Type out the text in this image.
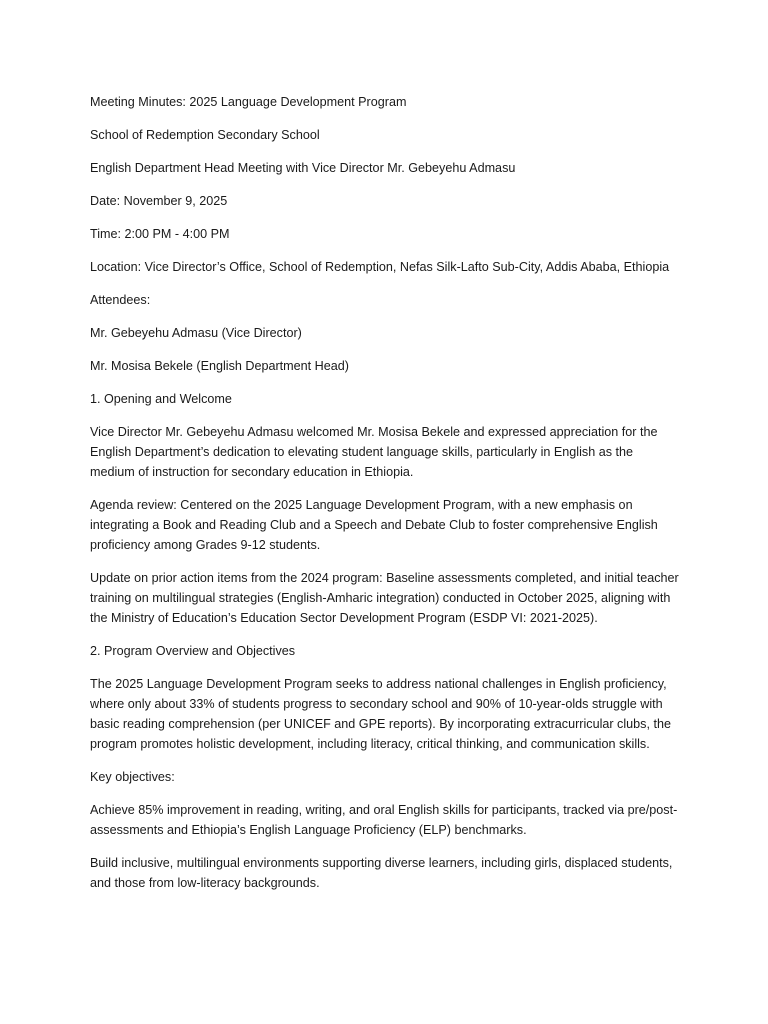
Meeting Minutes: 2025 Language Development Program

School of Redemption Secondary School

English Department Head Meeting with Vice Director Mr. Gebeyehu Admasu

Date: November 9, 2025

Time: 2:00 PM - 4:00 PM

Location: Vice Director’s Office, School of Redemption, Nefas Silk-Lafto Sub-City, Addis Ababa, Ethiopia

Attendees:

Mr. Gebeyehu Admasu (Vice Director)

Mr. Mosisa Bekele (English Department Head)

1. Opening and Welcome

Vice Director Mr. Gebeyehu Admasu welcomed Mr. Mosisa Bekele and expressed appreciation for the English Department’s dedication to elevating student language skills, particularly in English as the medium of instruction for secondary education in Ethiopia.

Agenda review: Centered on the 2025 Language Development Program, with a new emphasis on integrating a Book and Reading Club and a Speech and Debate Club to foster comprehensive English proficiency among Grades 9-12 students.

Update on prior action items from the 2024 program: Baseline assessments completed, and initial teacher training on multilingual strategies (English-Amharic integration) conducted in October 2025, aligning with the Ministry of Education’s Education Sector Development Program (ESDP VI: 2021-2025).

2. Program Overview and Objectives

The 2025 Language Development Program seeks to address national challenges in English proficiency, where only about 33% of students progress to secondary school and 90% of 10-year-olds struggle with basic reading comprehension (per UNICEF and GPE reports). By incorporating extracurricular clubs, the program promotes holistic development, including literacy, critical thinking, and communication skills.

Key objectives:

Achieve 85% improvement in reading, writing, and oral English skills for participants, tracked via pre/post-assessments and Ethiopia’s English Language Proficiency (ELP) benchmarks.

Build inclusive, multilingual environments supporting diverse learners, including girls, displaced students, and those from low-literacy backgrounds.
